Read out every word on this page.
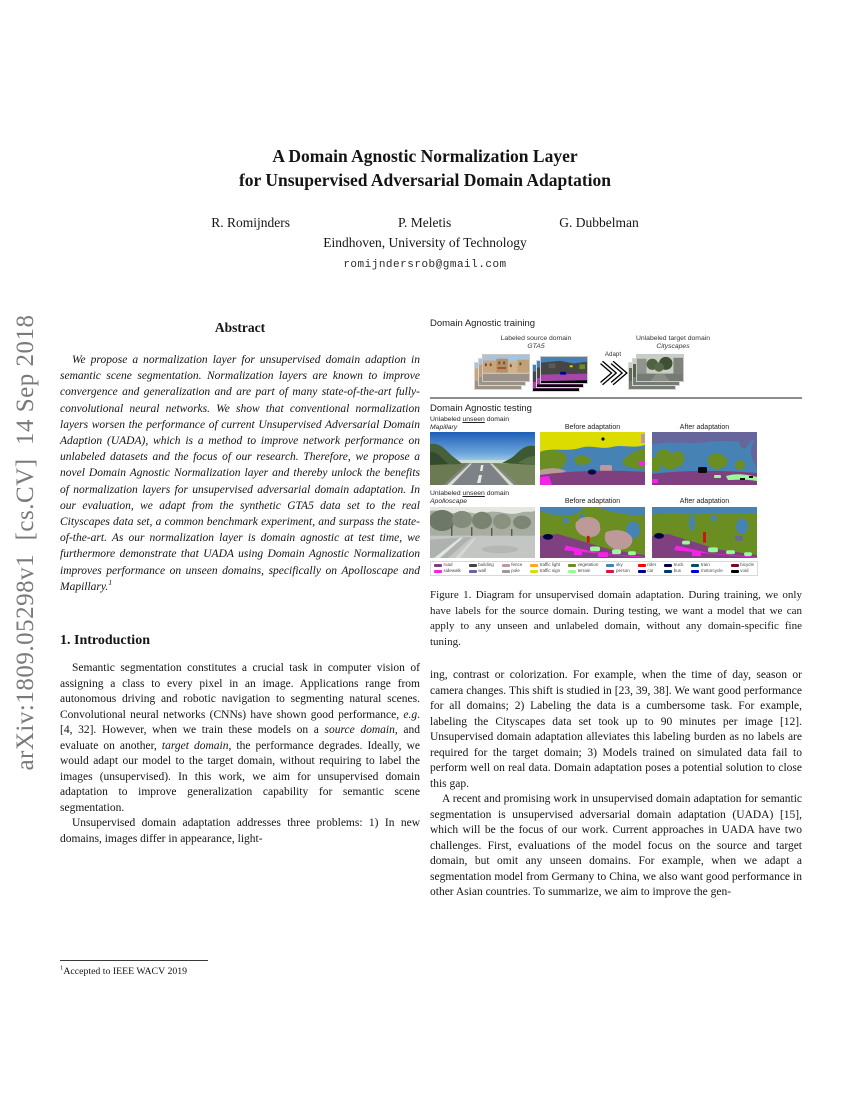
arXiv:1809.05298v1  [cs.CV]  14 Sep 2018
A Domain Agnostic Normalization Layer
for Unsupervised Adversarial Domain Adaptation
R. Romijnders	P. Meletis	G. Dubbelman
Eindhoven, University of Technology
romijndersrob@gmail.com
Abstract

We propose a normalization layer for unsupervised domain adaption in semantic scene segmentation. Normalization layers are known to improve convergence and generalization and are part of many state-of-the-art fully-convolutional neural networks. We show that conventional normalization layers worsen the performance of current Unsupervised Adversarial Domain Adaption (UADA), which is a method to improve network performance on unlabeled datasets and the focus of our research. Therefore, we propose a novel Domain Agnostic Normalization layer and thereby unlock the benefits of normalization layers for unsupervised adversarial domain adaptation. In our evaluation, we adapt from the synthetic GTA5 data set to the real Cityscapes data set, a common benchmark experiment, and surpass the state-of-the-art. As our normalization layer is domain agnostic at test time, we furthermore demonstrate that UADA using Domain Agnostic Normalization improves performance on unseen domains, specifically on Apolloscape and Mapillary.$^1$

1. Introduction

Semantic segmentation constitutes a crucial task in computer vision of assigning a class to every pixel in an image. Applications range from autonomous driving and robotic navigation to segmenting natural scenes. Convolutional neural networks (CNNs) have shown good performance, e.g. [4, 32]. However, when we train these models on a source domain, and evaluate on another, target domain, the performance degrades. Ideally, we would adapt our model to the target domain, without requiring to label the images (unsupervised). In this work, we aim for unsupervised domain adaptation to improve generalization capability for semantic scene segmentation.

Unsupervised domain adaptation addresses three problems: 1) In new domains, images differ in appearance, light-

$^1$Accepted to IEEE WACV 2019
Domain Agnostic training
Labeled source domain
GTA5
Unlabeled target domain
Cityscapes
Adapt
Domain Agnostic testing
Unlabeled unseen domain
Mapillary	Before adaptation	After adaptation
Unlabeled unseen domain
Apolloscape	Before adaptation	After adaptation
road
sidewalk
building
wall
fence
pole
traffic light
traffic sign
vegetation
terrain
sky
person
rider
car
truck
bus
train
motorcycle
bicycle
void

Figure 1. Diagram for unsupervised domain adaptation. During training, we only have labels for the source domain. During testing, we want a model that we can apply to any unseen and unlabeled domain, without any domain-specific fine tuning.

ing, contrast or colorization. For example, when the time of day, season or camera changes. This shift is studied in [23, 39, 38]. We want good performance for all domains; 2) Labeling the data is a cumbersome task. For example, labeling the Cityscapes data set took up to 90 minutes per image [12]. Unsupervised domain adaptation alleviates this labeling burden as no labels are required for the target domain; 3) Models trained on simulated data fail to perform well on real data. Domain adaptation poses a potential solution to close this gap.

A recent and promising work in unsupervised domain adaptation for semantic segmentation is unsupervised adversarial domain adaptation (UADA) [15], which will be the focus of our work. Current approaches in UADA have two challenges. First, evaluations of the model focus on the source and target domain, but omit any unseen domains. For example, when we adapt a segmentation model from Germany to China, we also want good performance in other Asian countries. To summarize, we aim to improve the gen-
